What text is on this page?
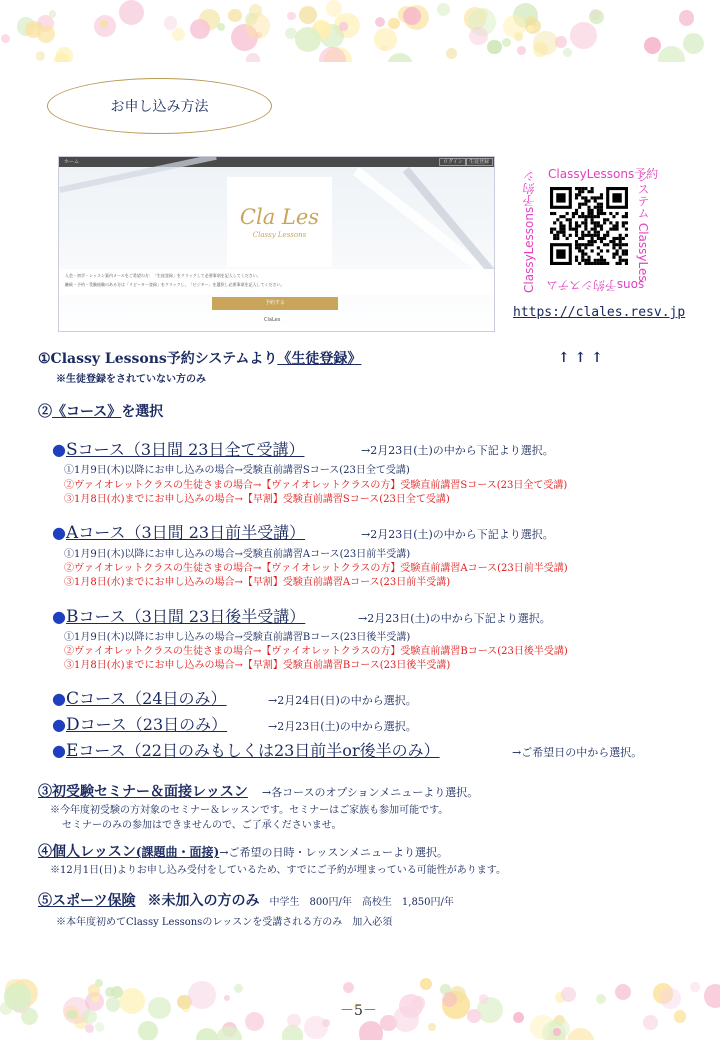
お申し込み方法
ホーム	ログイン	生徒登録
Cla Les
Classy Lessons
入会・初学・レッスン案内メールをご希望の方：「生徒登録」をクリックして必要事項を記入してください。
継続・予約・受験経験のある方は「リピーター登録」をクリックし、「ビジター」を選択し必要事項を記入してください。
予約する
ClaLes
ClassyLessons予約
ClassyLessons予約シ	システム ClassyLes
sons予約システム
https://clales.resv.jp
↑ ↑ ↑
①Classy Lessons予約システムより《生徒登録》
※生徒登録をされていない方のみ
②《コース》を選択
●Sコース（3日間 23日全て受講）	→2月23日(土)の中から下記より選択。
①1月9日(木)以降にお申し込みの場合→受験直前講習Sコース(23日全て受講)
②ヴァイオレットクラスの生徒さまの場合→【ヴァイオレットクラスの方】受験直前講習Sコース(23日全て受講)
③1月8日(水)までにお申し込みの場合→【早割】受験直前講習Sコース(23日全て受講)
●Aコース（3日間 23日前半受講）	→2月23日(土)の中から下記より選択。
①1月9日(木)以降にお申し込みの場合→受験直前講習Aコース(23日前半受講)
②ヴァイオレットクラスの生徒さまの場合→【ヴァイオレットクラスの方】受験直前講習Aコース(23日前半受講)
③1月8日(水)までにお申し込みの場合→【早割】受験直前講習Aコース(23日前半受講)
●Bコース（3日間 23日後半受講）	→2月23日(土)の中から下記より選択。
①1月9日(木)以降にお申し込みの場合→受験直前講習Bコース(23日後半受講)
②ヴァイオレットクラスの生徒さまの場合→【ヴァイオレットクラスの方】受験直前講習Bコース(23日後半受講)
③1月8日(水)までにお申し込みの場合→【早割】受験直前講習Bコース(23日後半受講)
●Cコース（24日のみ）	→2月24日(日)の中から選択。
●Dコース（23日のみ）	→2月23日(土)の中から選択。
●Eコース（22日のみもしくは23日前半or後半のみ）	→ご希望日の中から選択。
③初受験セミナー＆面接レッスン →各コースのオプションメニューより選択。
※今年度初受験の方対象のセミナー＆レッスンです。セミナーはご家族も参加可能です。
セミナーのみの参加はできませんので、ご了承くださいませ。
④個人レッスン(課題曲・面接)→ご希望の日時・レッスンメニューより選択。
※12月1日(日)よりお申し込み受付をしているため、すでにご予約が埋まっている可能性があります。
⑤スポーツ保険 ※未加入の方のみ 中学生　800円/年　高校生　1,850円/年
※本年度初めてClassy Lessonsのレッスンを受講される方のみ　加入必須
－5－
